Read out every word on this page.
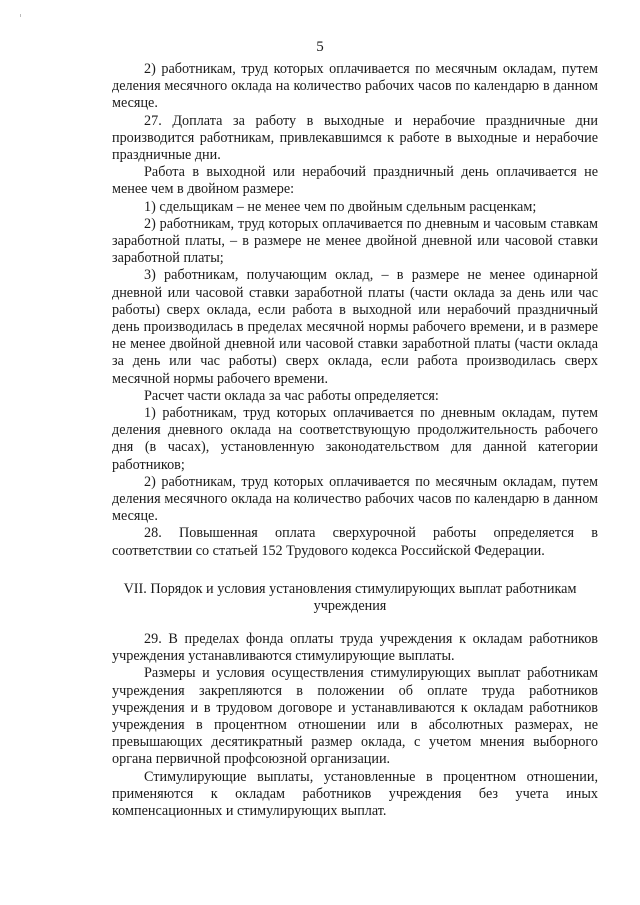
5

2) работникам, труд которых оплачивается по месячным окладам, путем деления месячного оклада на количество рабочих часов по календарю в данном месяце.

27. Доплата за работу в выходные и нерабочие праздничные дни производится работникам, привлекавшимся к работе в выходные и нерабочие праздничные дни.

Работа в выходной или нерабочий праздничный день оплачивается не менее чем в двойном размере:

1) сдельщикам – не менее чем по двойным сдельным расценкам;

2) работникам, труд которых оплачивается по дневным и часовым ставкам заработной платы, – в размере не менее двойной дневной или часовой ставки заработной платы;

3) работникам, получающим оклад, – в размере не менее одинарной дневной или часовой ставки заработной платы (части оклада за день или час работы) сверх оклада, если работа в выходной или нерабочий праздничный день производилась в пределах месячной нормы рабочего времени, и в размере не менее двойной дневной или часовой ставки заработной платы (части оклада за день или час работы) сверх оклада, если работа производилась сверх месячной нормы рабочего времени.

Расчет части оклада за час работы определяется:

1) работникам, труд которых оплачивается по дневным окладам, путем деления дневного оклада на соответствующую продолжительность рабочего дня (в часах), установленную законодательством для данной категории работников;

2) работникам, труд которых оплачивается по месячным окладам, путем деления месячного оклада на количество рабочих часов по календарю в данном месяце.

28. Повышенная оплата сверхурочной работы определяется в соответствии со статьей 152 Трудового кодекса Российской Федерации.

VII. Порядок и условия установления стимулирующих выплат работникам
учреждения

29. В пределах фонда оплаты труда учреждения к окладам работников учреждения устанавливаются стимулирующие выплаты.

Размеры и условия осуществления стимулирующих выплат работникам учреждения закрепляются в положении об оплате труда работников учреждения и в трудовом договоре и устанавливаются к окладам работников учреждения в процентном отношении или в абсолютных размерах, не превышающих десятикратный размер оклада, с учетом мнения выборного органа первичной профсоюзной организации.

Стимулирующие выплаты, установленные в процентном отношении, применяются к окладам работников учреждения без учета иных компенсационных и стимулирующих выплат.
